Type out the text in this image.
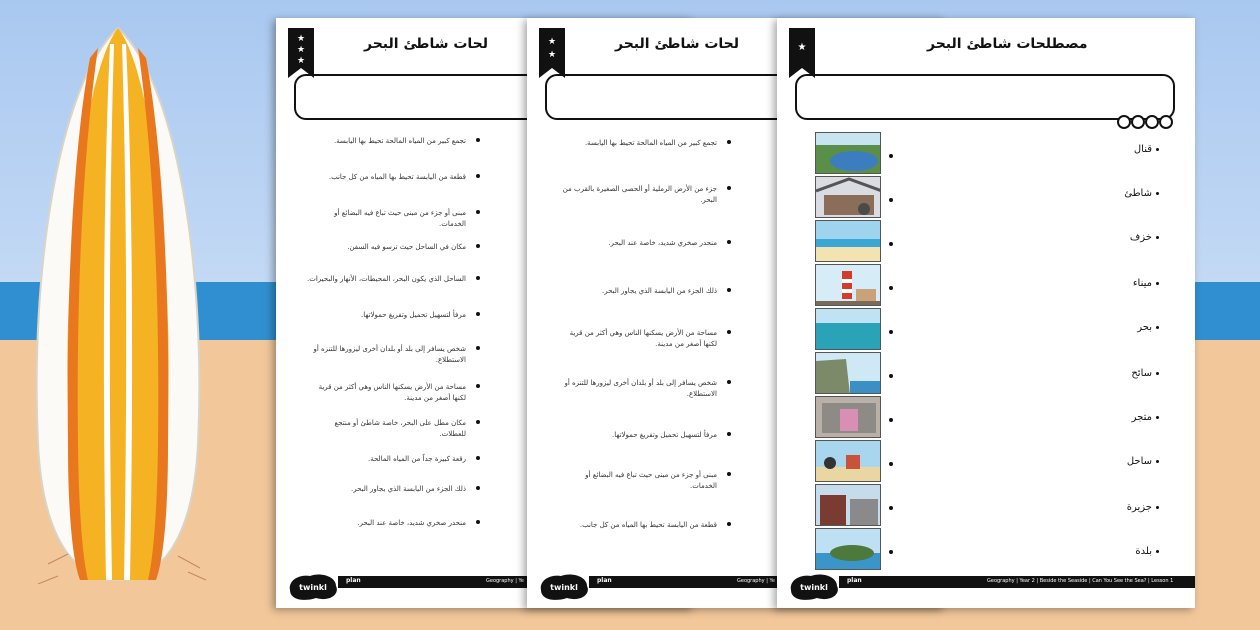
★
★
★
لحات شاطئ البحر
تجمع كبير من المياه المالحة تحيط بها اليابسة.
قطعة من اليابسة تحيط بها المياه من كل جانب.
مبنى أو جزء من مبنى حيث تباع فيه البضائع أو الخدمات.
مكان في الساحل حيث ترسو فيه السفن.
الساحل الذي يكون البحر، المحيطات، الأنهار والبحيرات.
مرفأ لتسهيل تحميل وتفريغ حمولاتها.
شخص يسافر إلى بلد أو بلدان أخرى ليزورها للتنزه أو الاستطلاع.
مساحة من الأرض يسكنها الناس وهي أكثر من قرية لكنها أصغر من مدينة.
مكان مطل على البحر، خاصة شاطئ أو منتجع للعطلات.
رقعة كبيرة جداً من المياه المالحة.
ذلك الجزء من اليابسة الذي يجاور البحر.
منحدر صخري شديد، خاصة عند البحر.
twinkl
plan	Geography | Ye
★
★
لحات شاطئ البحر
تجمع كبير من المياه المالحة تحيط بها اليابسة.
جزء من الأرض الرملية أو الحصى الصغيرة بالقرب من البحر.
منحدر صخري شديد، خاصة عند البحر.
ذلك الجزء من اليابسة الذي يجاور البحر.
مساحة من الأرض يسكنها الناس وهي أكثر من قرية لكنها أصغر من مدينة.
شخص يسافر إلى بلد أو بلدان أخرى ليزورها للتنزه أو الاستطلاع.
مرفأ لتسهيل تحميل وتفريغ حمولاتها.
مبنى أو جزء من مبنى حيث تباع فيه البضائع أو الخدمات.
قطعة من اليابسة تحيط بها المياه من كل جانب.
twinkl
plan	Geography | Ye
★	مصطلحات شاطئ البحر
قنال
شاطئ
خزف
ميناء
بحر
سائح
متجر
ساحل
جزيرة
بلدة
twinkl
plan	Geography | Year 2 | Beside the Seaside | Can You See the Sea? | Lesson 1
